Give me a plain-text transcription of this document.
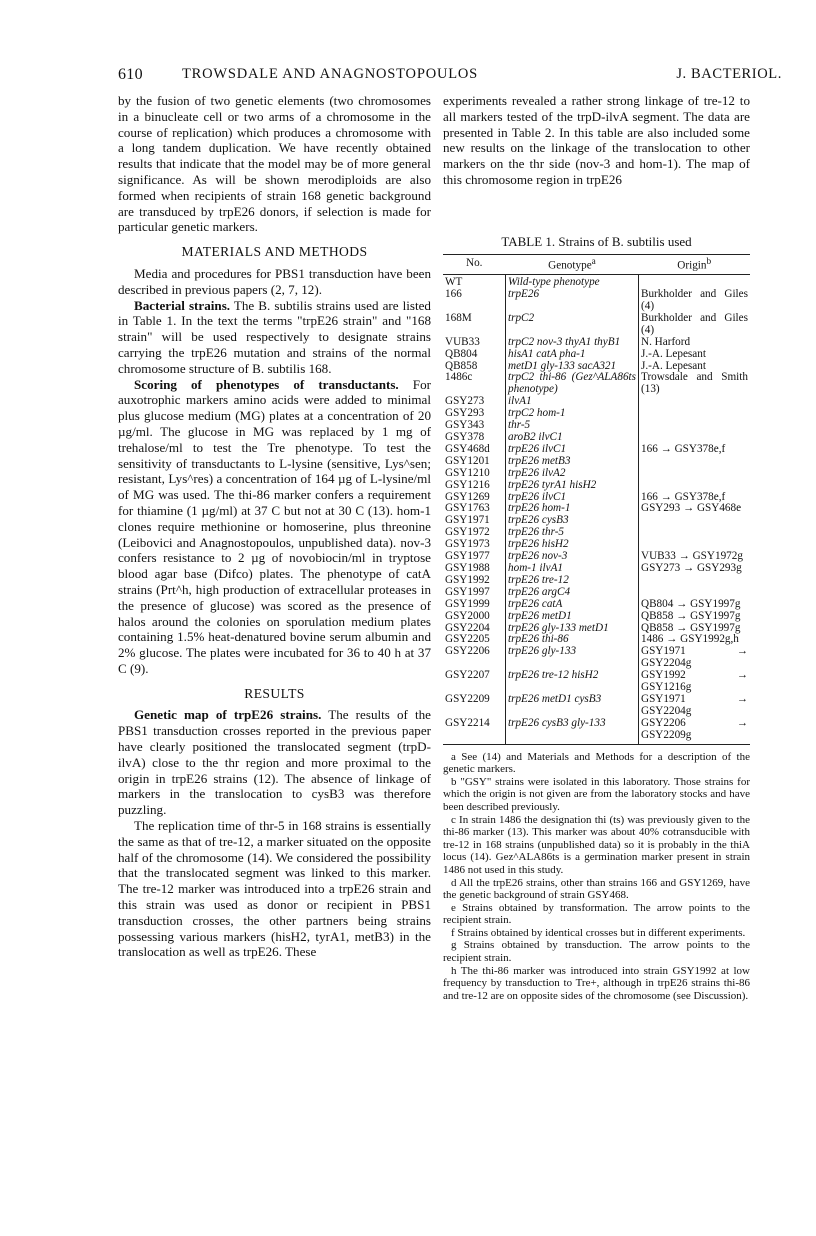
610	TROWSDALE AND ANAGNOSTOPOULOS	J. BACTERIOL.

by the fusion of two genetic elements (two chromosomes in a binucleate cell or two arms of a chromosome in the course of replication) which produces a chromosome with a long tandem duplication. We have recently obtained results that indicate that the model may be of more general significance. As will be shown merodiploids are also formed when recipients of strain 168 genetic background are transduced by trpE26 donors, if selection is made for particular genetic markers.

MATERIALS AND METHODS

Media and procedures for PBS1 transduction have been described in previous papers (2, 7, 12).

Bacterial strains. The B. subtilis strains used are listed in Table 1. In the text the terms "trpE26 strain" and "168 strain" will be used respectively to designate strains carrying the trpE26 mutation and strains of the normal chromosome structure of B. subtilis 168.

Scoring of phenotypes of transductants. For auxotrophic markers amino acids were added to minimal plus glucose medium (MG) plates at a concentration of 20 µg/ml. The glucose in MG was replaced by 1 mg of trehalose/ml to test the Tre phenotype. To test the sensitivity of transductants to L-lysine (sensitive, Lys^sen; resistant, Lys^res) a concentration of 164 µg of L-lysine/ml of MG was used. The thi-86 marker confers a requirement for thiamine (1 µg/ml) at 37 C but not at 30 C (13). hom-1 clones require methionine or homoserine, plus threonine (Leibovici and Anagnostopoulos, unpublished data). nov-3 confers resistance to 2 µg of novobiocin/ml in tryptose blood agar base (Difco) plates. The phenotype of catA strains (Prt^h, high production of extracellular proteases in the presence of glucose) was scored as the presence of halos around the colonies on sporulation medium plates containing 1.5% heat-denatured bovine serum albumin and 2% glucose. The plates were incubated for 36 to 40 h at 37 C (9).

RESULTS

Genetic map of trpE26 strains. The results of the PBS1 transduction crosses reported in the previous paper have clearly positioned the translocated segment (trpD-ilvA) close to the thr region and more proximal to the origin in trpE26 strains (12). The absence of linkage of markers in the translocation to cysB3 was therefore puzzling.

The replication time of thr-5 in 168 strains is essentially the same as that of tre-12, a marker situated on the opposite half of the chromosome (14). We considered the possibility that the translocated segment was linked to this marker. The tre-12 marker was introduced into a trpE26 strain and this strain was used as donor or recipient in PBS1 transduction crosses, the other partners being strains possessing various markers (hisH2, tyrA1, metB3) in the translocation as well as trpE26. These

experiments revealed a rather strong linkage of tre-12 to all markers tested of the trpD-ilvA segment. The data are presented in Table 2. In this table are also included some new results on the linkage of the translocation to other markers on the thr side (nov-3 and hom-1). The map of this chromosome region in trpE26

TABLE 1. Strains of B. subtilis used
No.	Genotype$^a$	Origin$^b$
WT	Wild-type phenotype	
166	trpE26	Burkholder and Giles (4)
168M	trpC2	Burkholder and Giles (4)
VUB33	trpC2 nov-3 thyA1 thyB1	N. Harford
QB804	hisA1 catA pha-1	J.-A. Lepesant
QB858	metD1 gly-133 sacA321	J.-A. Lepesant
1486c	trpC2 thi-86 (Gez^ALA86ts phenotype)	Trowsdale and Smith (13)
GSY273	ilvA1	
GSY293	trpC2 hom-1	
GSY343	thr-5	
GSY378	aroB2 ilvC1	
GSY468d	trpE26 ilvC1	166 → GSY378e,f
GSY1201	trpE26 metB3	
GSY1210	trpE26 ilvA2	
GSY1216	trpE26 tyrA1 hisH2	
GSY1269	trpE26 ilvC1	166 → GSY378e,f
GSY1763	trpE26 hom-1	GSY293 → GSY468e
GSY1971	trpE26 cysB3	
GSY1972	trpE26 thr-5	
GSY1973	trpE26 hisH2	
GSY1977	trpE26 nov-3	VUB33 → GSY1972g
GSY1988	hom-1 ilvA1	GSY273 → GSY293g
GSY1992	trpE26 tre-12	
GSY1997	trpE26 argC4	
GSY1999	trpE26 catA	QB804 → GSY1997g
GSY2000	trpE26 metD1	QB858 → GSY1997g
GSY2204	trpE26 gly-133 metD1	QB858 → GSY1997g
GSY2205	trpE26 thi-86	1486 → GSY1992g,h
GSY2206	trpE26 gly-133	GSY1971 → GSY2204g
GSY2207	trpE26 tre-12 hisH2	GSY1992 → GSY1216g
GSY2209	trpE26 metD1 cysB3	GSY1971 → GSY2204g
GSY2214	trpE26 cysB3 gly-133	GSY2206 → GSY2209g

a See (14) and Materials and Methods for a description of the genetic markers.

b "GSY" strains were isolated in this laboratory. Those strains for which the origin is not given are from the laboratory stocks and have been described previously.

c In strain 1486 the designation thi (ts) was previously given to the thi-86 marker (13). This marker was about 40% cotransducible with tre-12 in 168 strains (unpublished data) so it is probably in the thiA locus (14). Gez^ALA86ts is a germination marker present in strain 1486 not used in this study.

d All the trpE26 strains, other than strains 166 and GSY1269, have the genetic background of strain GSY468.

e Strains obtained by transformation. The arrow points to the recipient strain.

f Strains obtained by identical crosses but in different experiments.

g Strains obtained by transduction. The arrow points to the recipient strain.

h The thi-86 marker was introduced into strain GSY1992 at low frequency by transduction to Tre+, although in trpE26 strains thi-86 and tre-12 are on opposite sides of the chromosome (see Discussion).
